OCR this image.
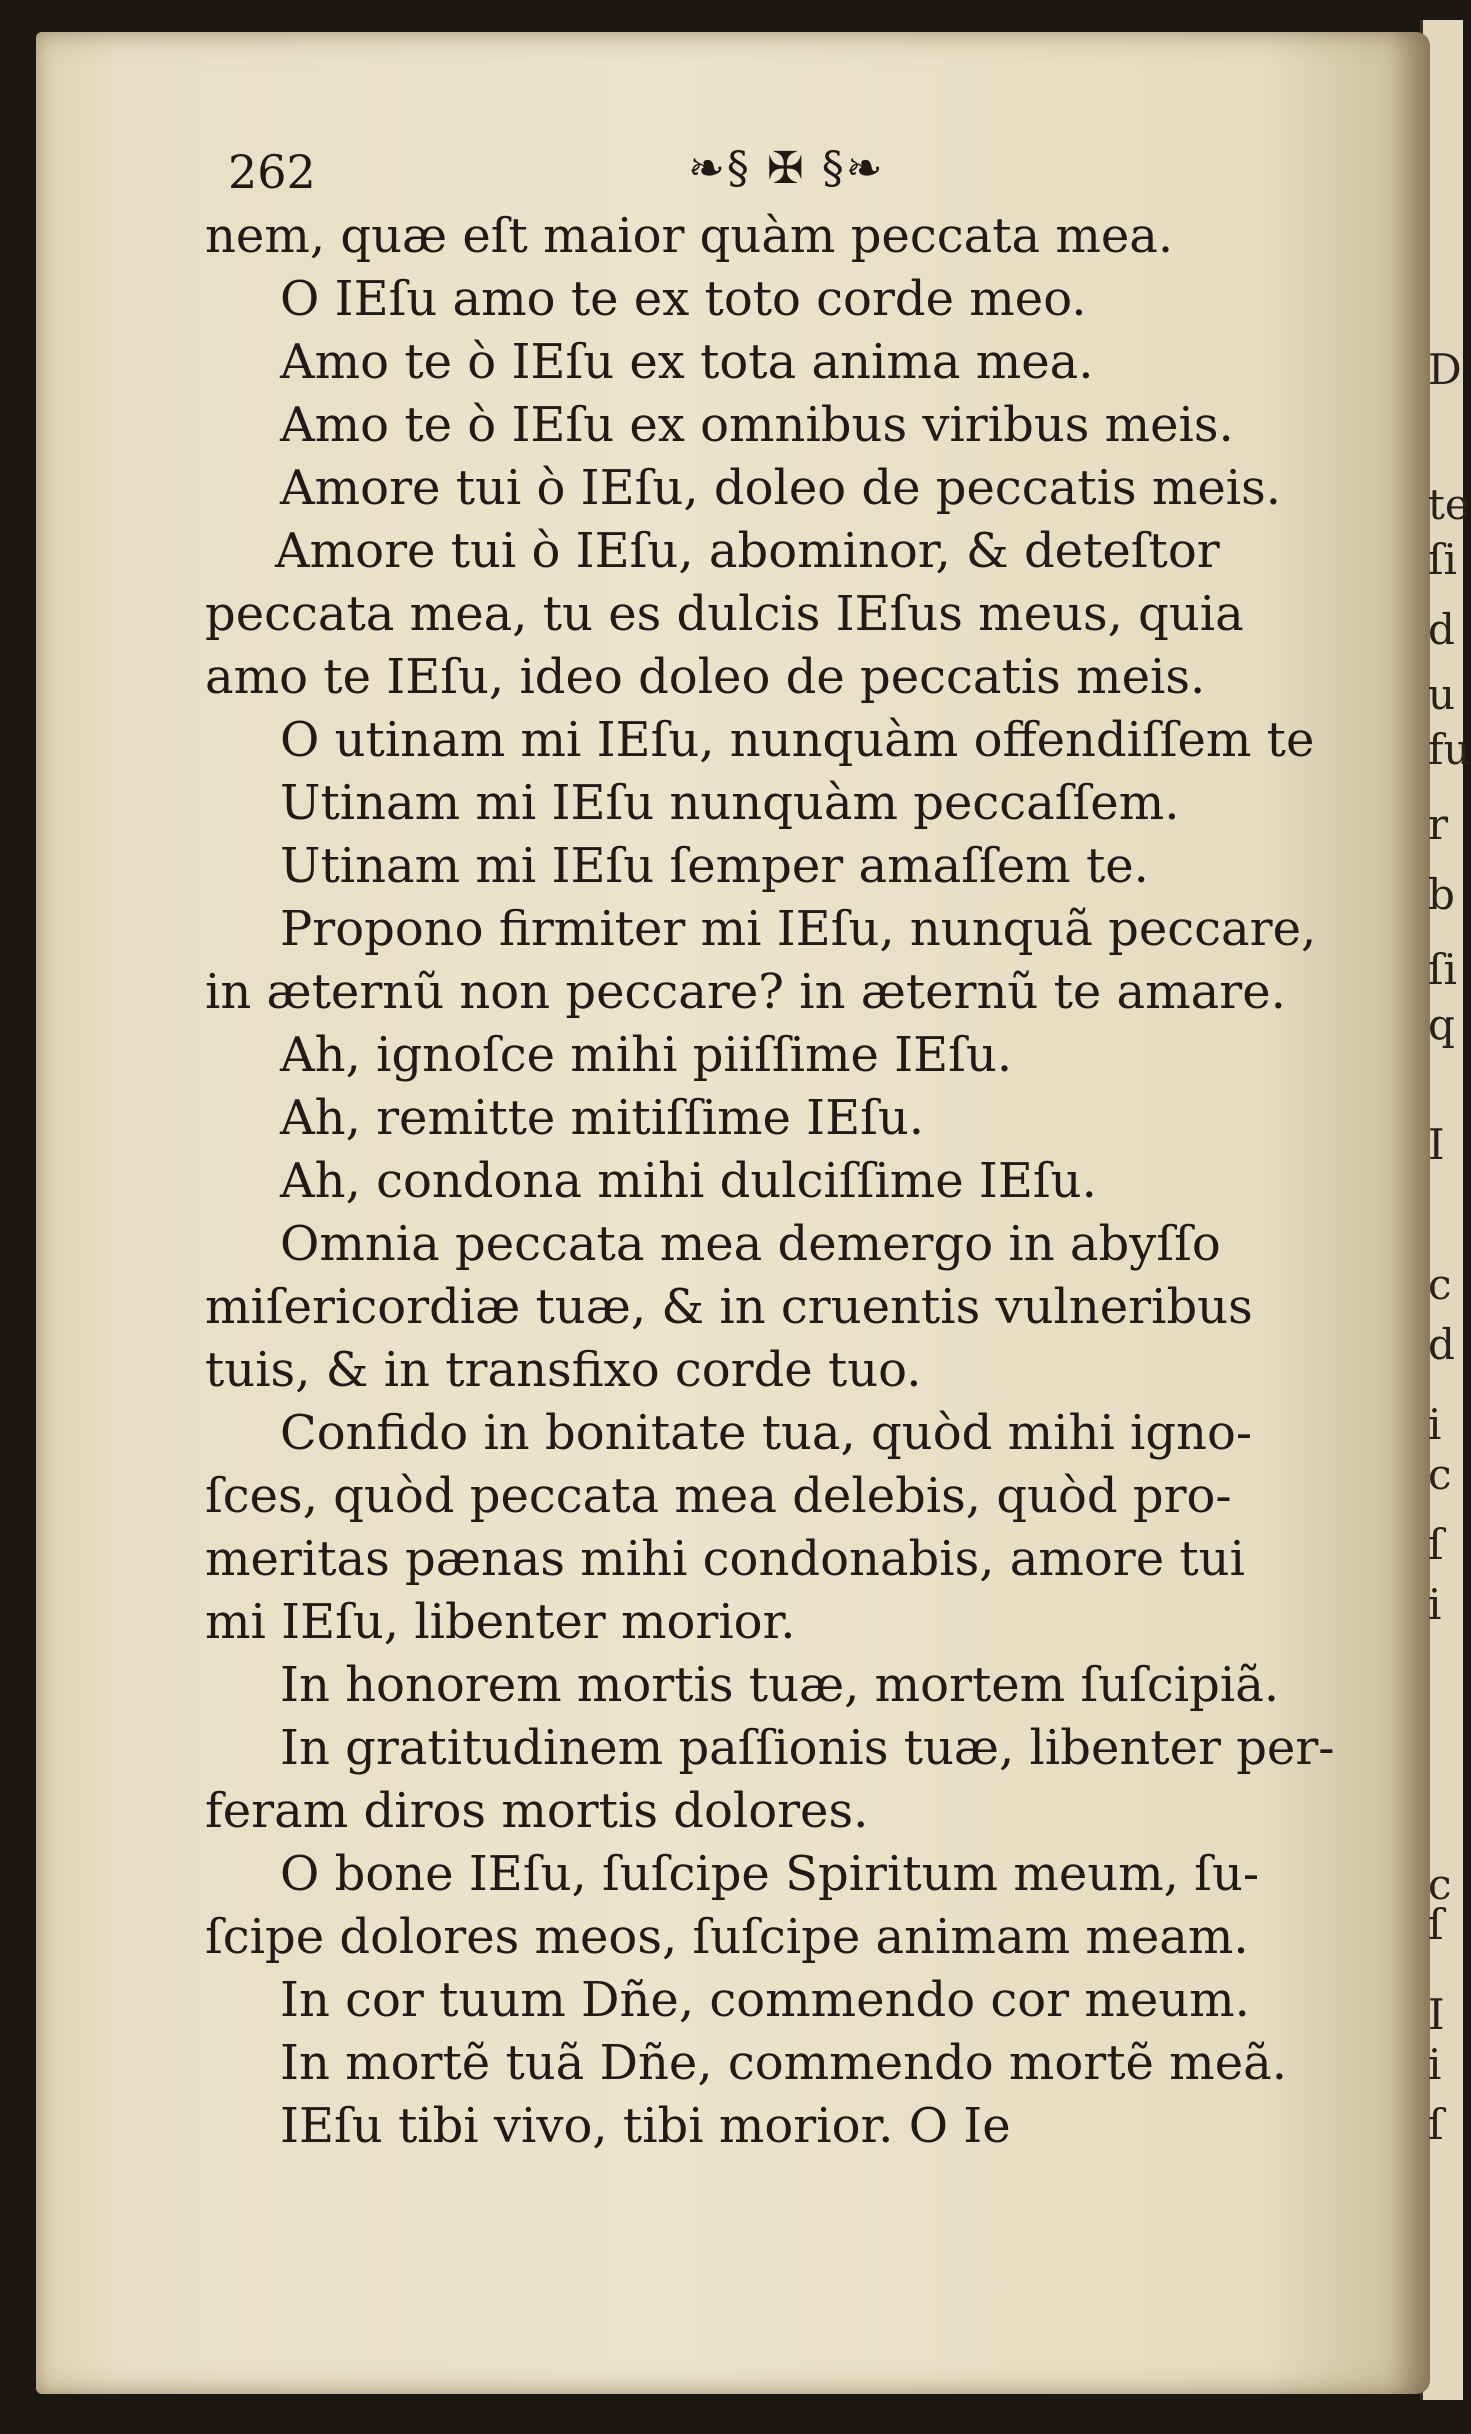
262	❧§ ✠ §❧
nem, quæ eſt maior quàm peccata mea.
O IEſu amo te ex toto corde meo.
Amo te ò IEſu ex tota anima mea.
Amo te ò IEſu ex omnibus viribus meis.
Amore tui ò IEſu, doleo de peccatis meis.
Amore tui ò IEſu, abominor, & deteſtor
peccata mea, tu es dulcis IEſus meus, quia
amo te IEſu, ideo doleo de peccatis meis.
O utinam mi IEſu, nunquàm offendiſſem te
Utinam mi IEſu nunquàm peccaſſem.
Utinam mi IEſu ſemper amaſſem te.
Propono firmiter mi IEſu, nunquã peccare,
in æternũ non peccare? in æternũ te amare.
Ah, ignoſce mihi piiſſime IEſu.
Ah, remitte mitiſſime IEſu.
Ah, condona mihi dulciſſime IEſu.
Omnia peccata mea demergo in abyſſo
miſericordiæ tuæ, & in cruentis vulneribus
tuis, & in transfixo corde tuo.
Confido in bonitate tua, quòd mihi igno-
ſces, quòd peccata mea delebis, quòd pro-
meritas pænas mihi condonabis, amore tui
mi IEſu, libenter morior.
In honorem mortis tuæ, mortem ſuſcipiã.
In gratitudinem paſſionis tuæ, libenter per-
feram diros mortis dolores.
O bone IEſu, ſuſcipe Spiritum meum, ſu-
ſcipe dolores meos, ſuſcipe animam meam.
In cor tuum Dñe, commendo cor meum.
In mortẽ tuã Dñe, commendo mortẽ meã.
IEſu tibi vivo, tibi morior. O Ie
D
te
ſi
d
u
fu
r
b
ſi
q
I
c
d
i
c
ſ
i
c
ſ
I
i
ſ
